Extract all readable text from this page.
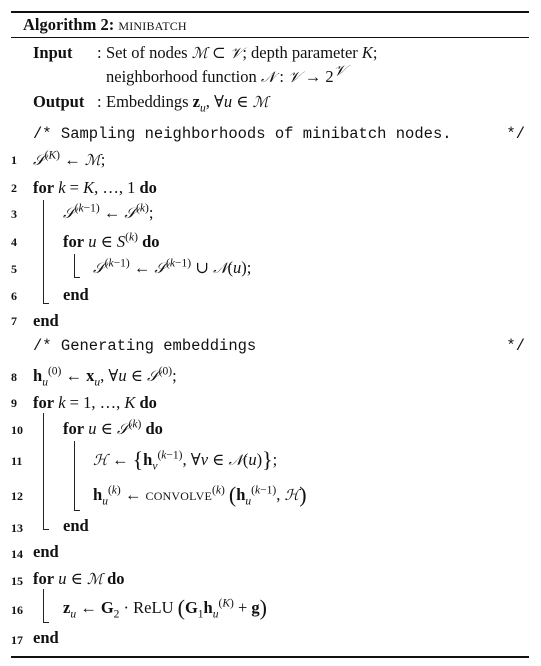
Algorithm 2: minibatch
Input : Set of nodes ℳ ⊂ 𝒱; depth parameter K;
neighborhood function 𝒩 : 𝒱 → $2^𝒱$
Output : Embeddings $z_u$, ∀u ∈ ℳ
/* Sampling neighborhoods of minibatch nodes.	*/
1
2
3
4
5
6
7
8
9
10
11
12
13
14
15
16
17
𝒮$^{(K)}$ ← ℳ;
for k = K, …, 1 do
𝒮$^{(k-1)}$ ← 𝒮$^{(k)}$;
for u ∈ $S^{(k)}$ do
𝒮$^{(k-1)}$ ← 𝒮$^{(k-1)}$ ∪ 𝒩(u);
end
end
/* Generating embeddings	*/
$h_u^{(0)}$ ← $x_u$, ∀u ∈ 𝒮$^{(0)}$;
for k = 1, …, K do
for u ∈ 𝒮$^{(k)}$ do
ℋ ← {$h_v^{(k-1)}$, ∀v ∈ 𝒩(u)};
$h_u^{(k)}$ ← convolve$^{(k)}$ ($h_u^{(k-1)}$, ℋ)
end
end
for u ∈ ℳ do
$z_u$ ← $G_2$ · ReLU $(G_1h_u^{(K)} + g)$
end
